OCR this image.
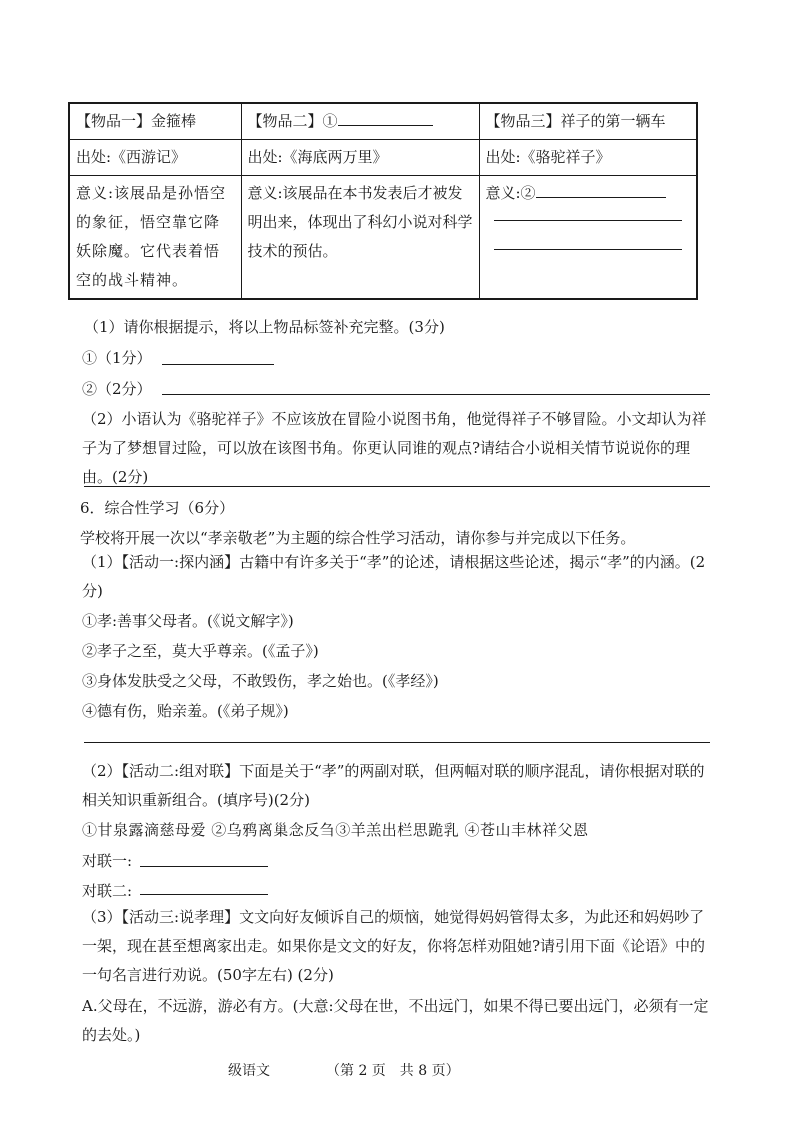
【物品一】金箍棒	【物品二】①	【物品三】祥子的第一辆车
出处:《西游记》	出处:《海底两万里》	出处:《骆驼祥子》
意义:该展品是孙悟空的象征，悟空靠它降妖除魔。它代表着悟空的战斗精神。	意义:该展品在本书发表后才被发明出来，体现出了科幻小说对科学技术的预估。	意义:②
（1）请你根据提示，将以上物品标签补充完整。(3分)
①（1分）
②（2分）
（2）小语认为《骆驼祥子》不应该放在冒险小说图书角，他觉得祥子不够冒险。小文却认为祥子为了梦想冒过险，可以放在该图书角。你更认同谁的观点?请结合小说相关情节说说你的理由。(2分)
6．综合性学习（6分）
学校将开展一次以“孝亲敬老”为主题的综合性学习活动，请你参与并完成以下任务。
（1）【活动一:探内涵】古籍中有许多关于“孝”的论述，请根据这些论述，揭示“孝”的内涵。(2分)
①孝:善事父母者。(《说文解字》)
②孝子之至，莫大乎尊亲。(《孟子》)
③身体发肤受之父母，不敢毁伤，孝之始也。(《孝经》)
④德有伤，贻亲羞。(《弟子规》)
（2）【活动二:组对联】下面是关于“孝”的两副对联，但两幅对联的顺序混乱，请你根据对联的相关知识重新组合。(填序号)(2分)
①甘泉露滴慈母爱 ②乌鸦离巢念反刍③羊羔出栏思跪乳 ④苍山丰林祥父恩
对联一:
对联二:
（3）【活动三:说孝理】文文向好友倾诉自己的烦恼，她觉得妈妈管得太多，为此还和妈妈吵了一架，现在甚至想离家出走。如果你是文文的好友，你将怎样劝阻她?请引用下面《论语》中的一句名言进行劝说。(50字左右) (2分)
A.父母在，不远游，游必有方。(大意:父母在世，不出远门，如果不得已要出远门，必须有一定的去处。)
级语文	（第 2 页　共 8 页）
